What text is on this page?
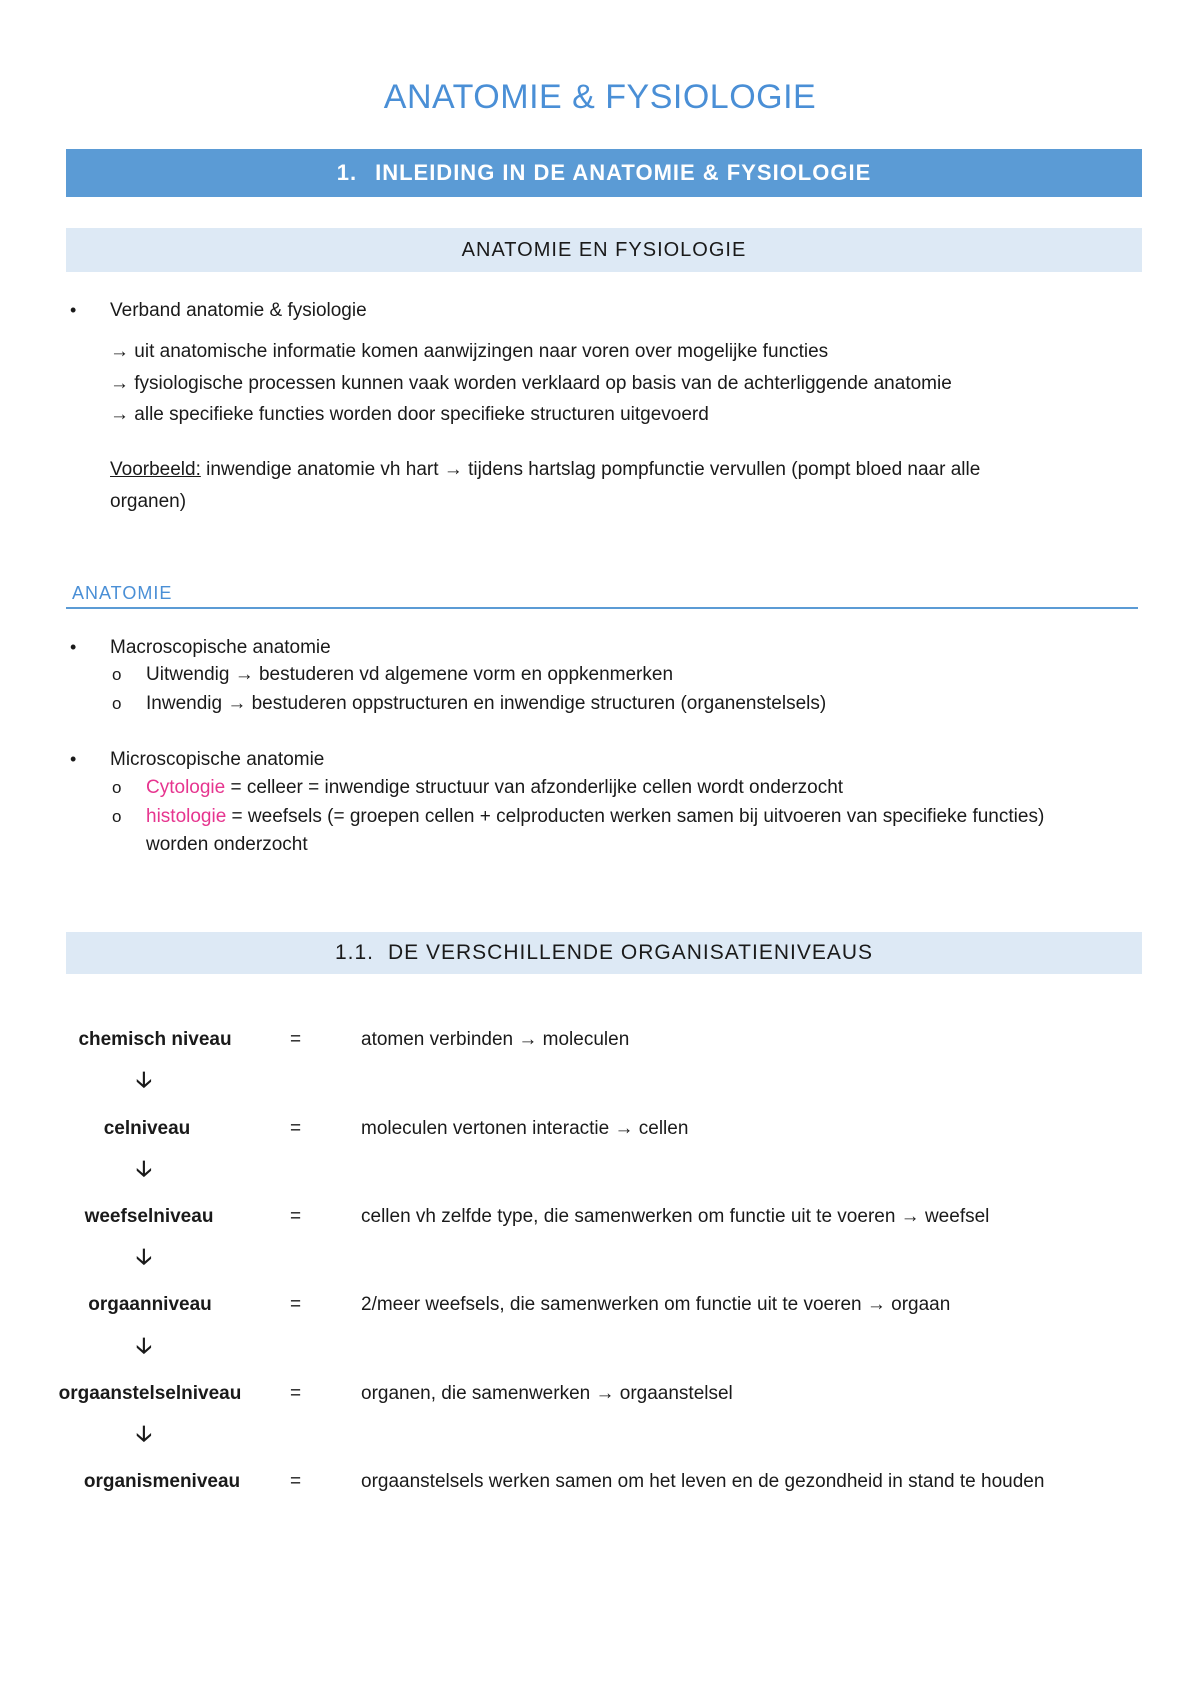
ANATOMIE & FYSIOLOGIE
1. INLEIDING IN DE ANATOMIE & FYSIOLOGIE
ANATOMIE EN FYSIOLOGIE
• Verband anatomie & fysiologie
→ uit anatomische informatie komen aanwijzingen naar voren over mogelijke functies
→ fysiologische processen kunnen vaak worden verklaard op basis van de achterliggende anatomie
→ alle specifieke functies worden door specifieke structuren uitgevoerd
Voorbeeld: inwendige anatomie vh hart → tijdens hartslag pompfunctie vervullen (pompt bloed naar alle
organen)
ANATOMIE
• Macroscopische anatomie
o Uitwendig → bestuderen vd algemene vorm en oppkenmerken
o Inwendig → bestuderen oppstructuren en inwendige structuren (organenstelsels)
• Microscopische anatomie
o Cytologie = celleer = inwendige structuur van afzonderlijke cellen wordt onderzocht
o histologie = weefsels (= groepen cellen + celproducten werken samen bij uitvoeren van specifieke functies)
worden onderzocht
1.1. DE VERSCHILLENDE ORGANISATIENIVEAUS
chemisch niveau	=	atomen verbinden → moleculen
🡣
celniveau	=	moleculen vertonen interactie → cellen
🡣
weefselniveau	=	cellen vh zelfde type, die samenwerken om functie uit te voeren → weefsel
🡣
orgaanniveau	=	2/meer weefsels, die samenwerken om functie uit te voeren → orgaan
🡣
orgaanstelselniveau	=	organen, die samenwerken → orgaanstelsel
🡣
organismeniveau	=	orgaanstelsels werken samen om het leven en de gezondheid in stand te houden
